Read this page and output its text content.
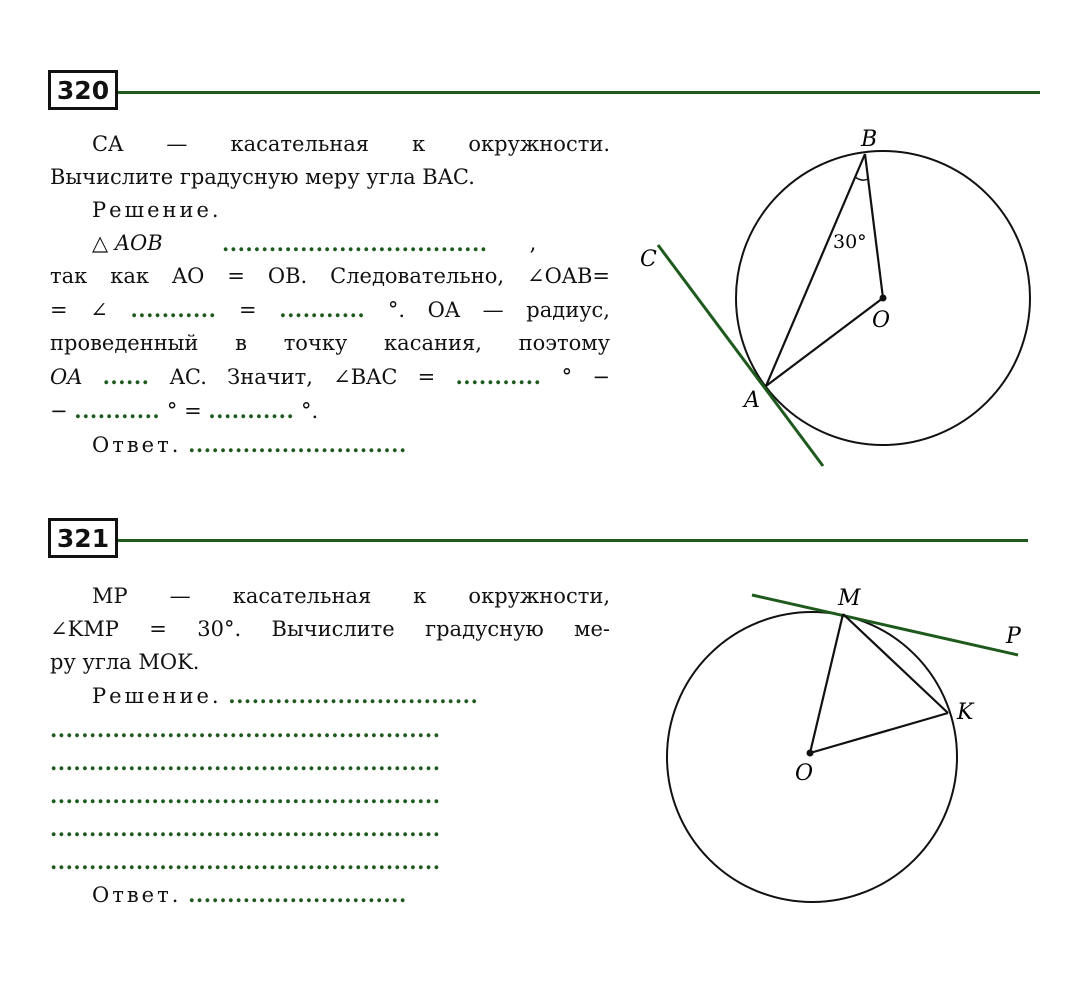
320

CA — касательная к окружности.

Вычислите градусную меру угла BAC.

Решение.

△ AOB	..................................	,

так как AO = OB. Следовательно, ∠OAB=

= ∠ ........... = ........... °. OA — радиус,

проведенный в точку касания, поэтому

OA ...... AC. Значит, ∠BAC = ........... ° −

− ........... ° = ........... °.

Ответ. ............................

B
C
O
A
30°
321

MP — касательная к окружности,

∠KMP = 30°. Вычислите градусную ме-

ру угла MOK.

Решение. ................................

..................................................

..................................................

..................................................

..................................................

..................................................

Ответ. ............................

M
P
K
O
